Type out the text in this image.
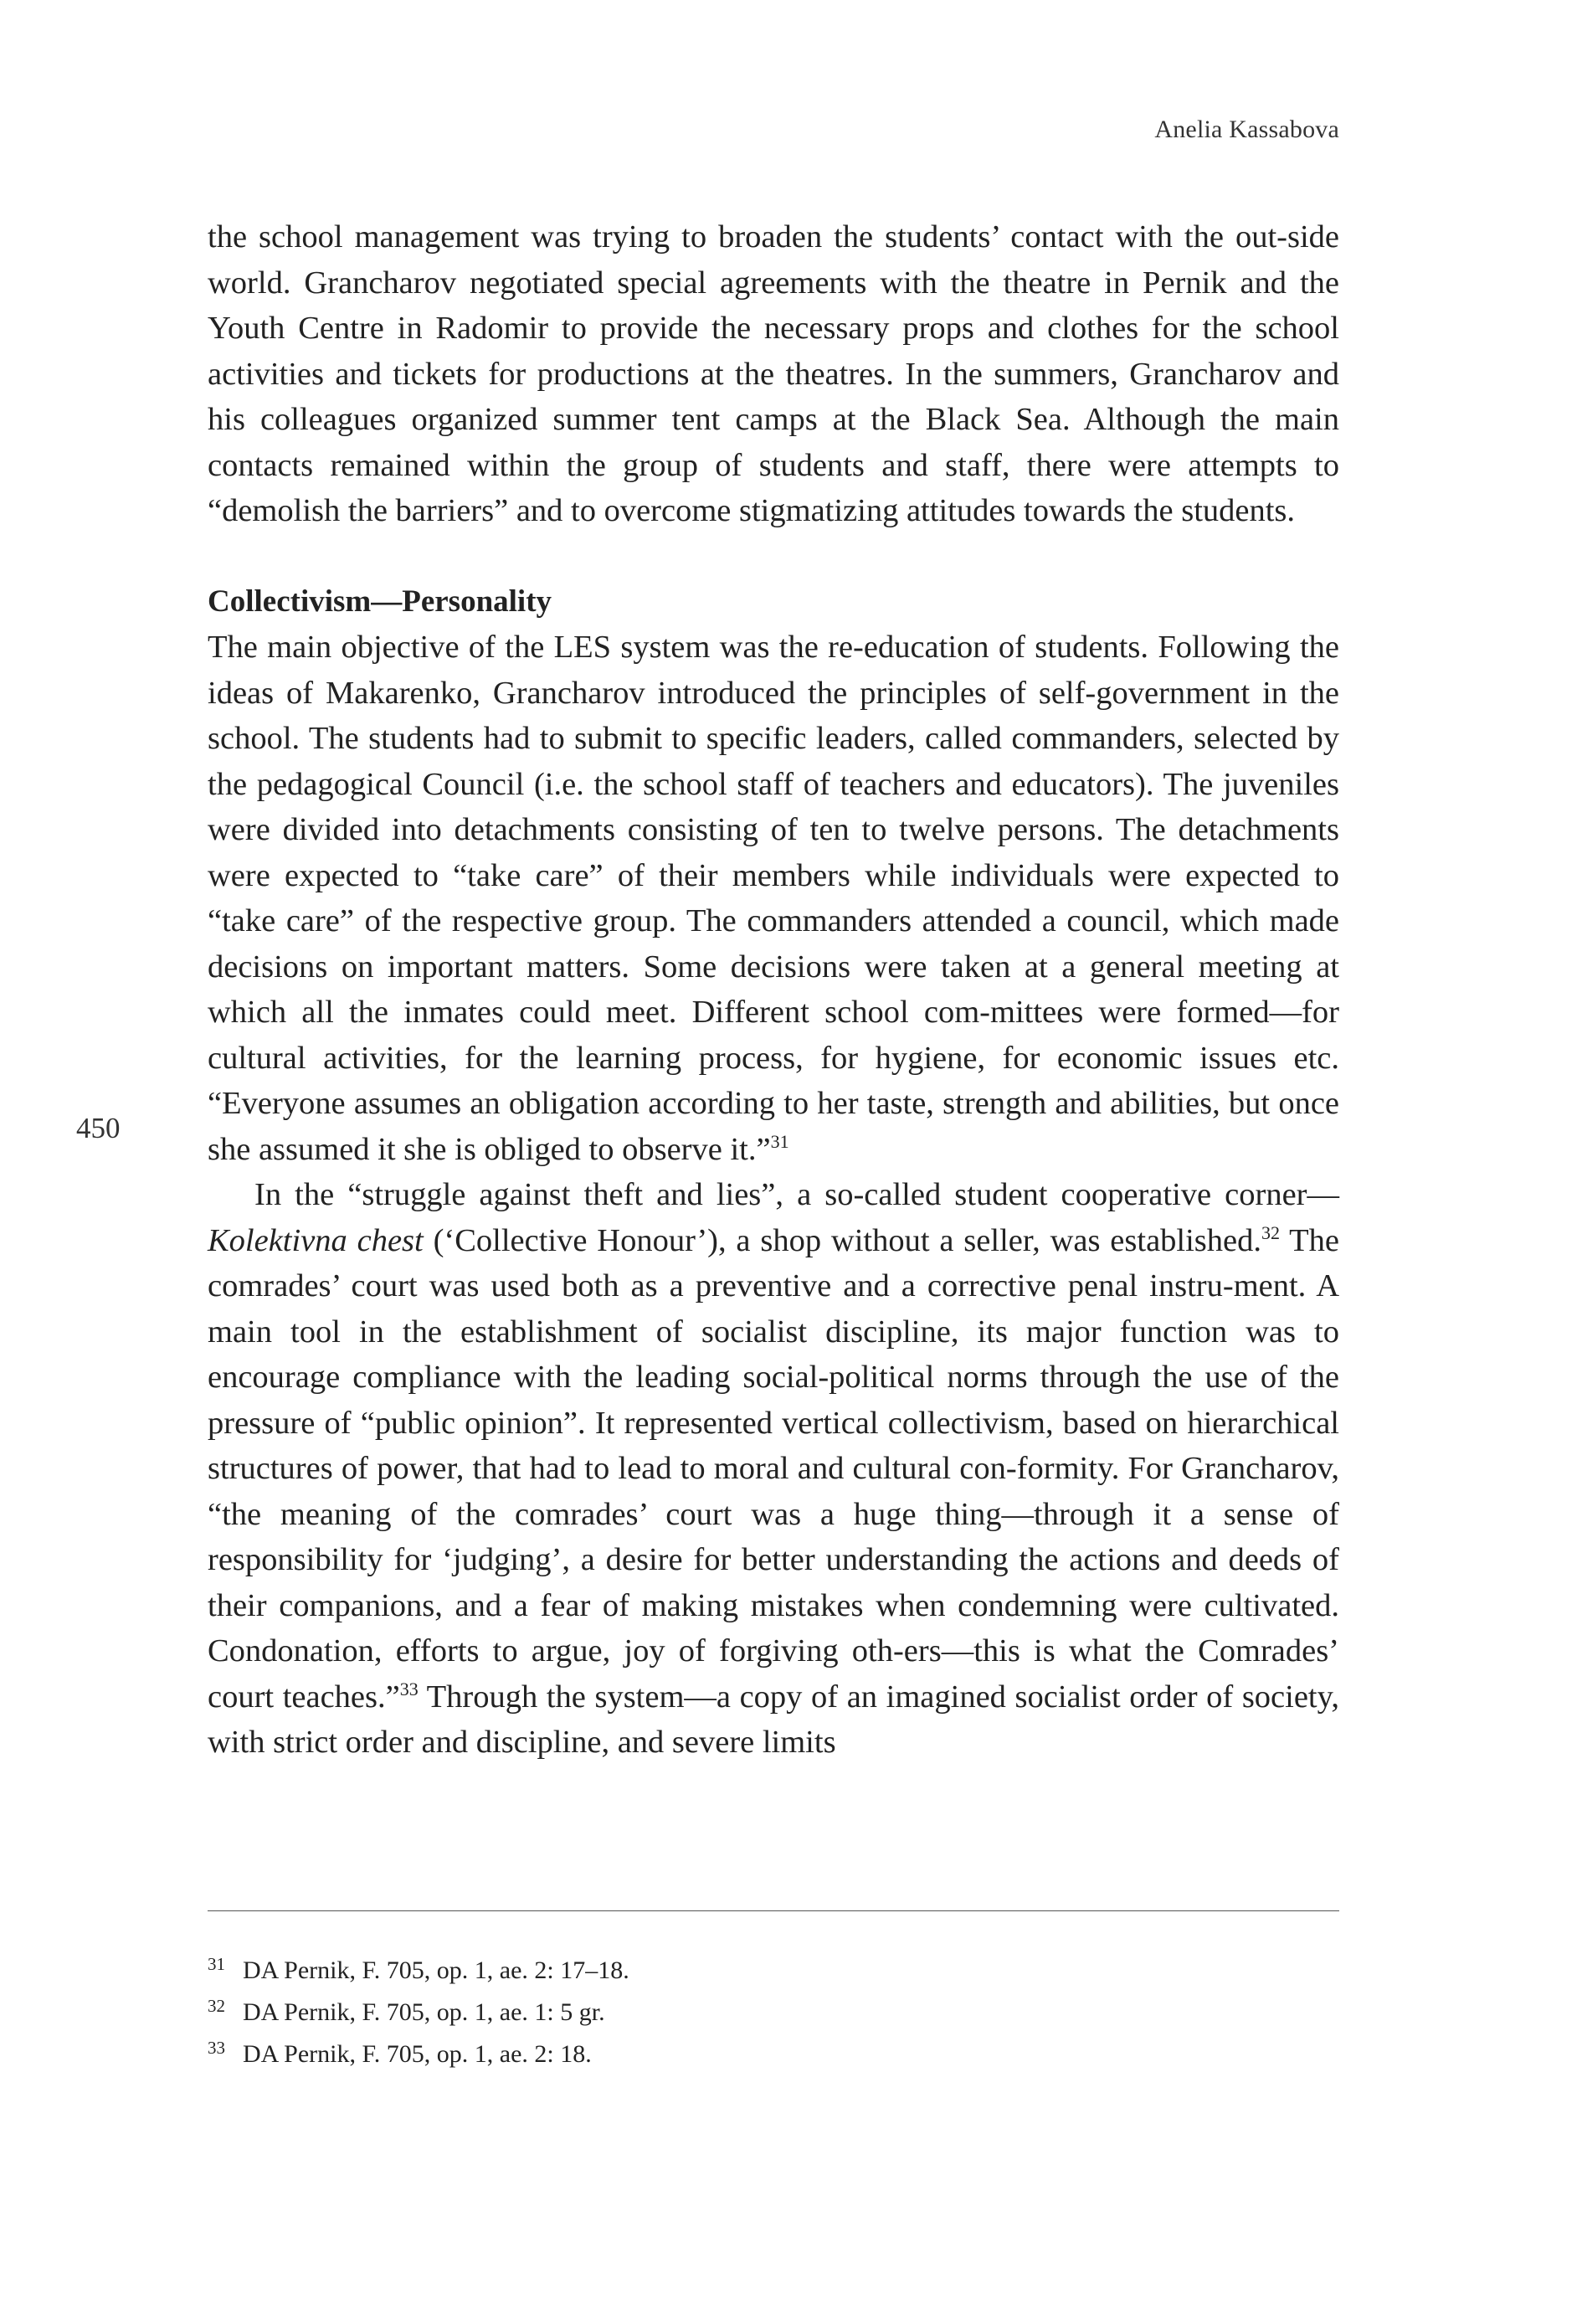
Anelia Kassabova
450

the school management was trying to broaden the students’ contact with the out-side world. Grancharov negotiated special agreements with the theatre in Pernik and the Youth Centre in Radomir to provide the necessary props and clothes for the school activities and tickets for productions at the theatres. In the summers, Grancharov and his colleagues organized summer tent camps at the Black Sea. Although the main contacts remained within the group of students and staff, there were attempts to “demolish the barriers” and to overcome stigmatizing attitudes towards the students.

Collectivism—Personality

The main objective of the LES system was the re-education of students. Following the ideas of Makarenko, Grancharov introduced the principles of self-government in the school. The students had to submit to specific leaders, called commanders, selected by the pedagogical Council (i.e. the school staff of teachers and educators). The juveniles were divided into detachments consisting of ten to twelve persons. The detachments were expected to “take care” of their members while individuals were expected to “take care” of the respective group. The commanders attended a council, which made decisions on important matters. Some decisions were taken at a general meeting at which all the inmates could meet. Different school com-mittees were formed—for cultural activities, for the learning process, for hygiene, for economic issues etc. “Everyone assumes an obligation according to her taste, strength and abilities, but once she assumed it she is obliged to observe it.”$^{31}$

In the “struggle against theft and lies”, a so-called student cooperative corner—Kolektivna chest (‘Collective Honour’), a shop without a seller, was established.$^{32}$ The comrades’ court was used both as a preventive and a corrective penal instru-ment. A main tool in the establishment of socialist discipline, its major function was to encourage compliance with the leading social-political norms through the use of the pressure of “public opinion”. It represented vertical collectivism, based on hierarchical structures of power, that had to lead to moral and cultural con-formity. For Grancharov, “the meaning of the comrades’ court was a huge thing—through it a sense of responsibility for ‘judging’, a desire for better understanding the actions and deeds of their companions, and a fear of making mistakes when condemning were cultivated. Condonation, efforts to argue, joy of forgiving oth-ers—this is what the Comrades’ court teaches.”$^{33}$ Through the system—a copy of an imagined socialist order of society, with strict order and discipline, and severe limits

31 DA Pernik, F. 705, op. 1, ae. 2: 17–18.
32 DA Pernik, F. 705, op. 1, ae. 1: 5 gr.
33 DA Pernik, F. 705, op. 1, ae. 2: 18.
